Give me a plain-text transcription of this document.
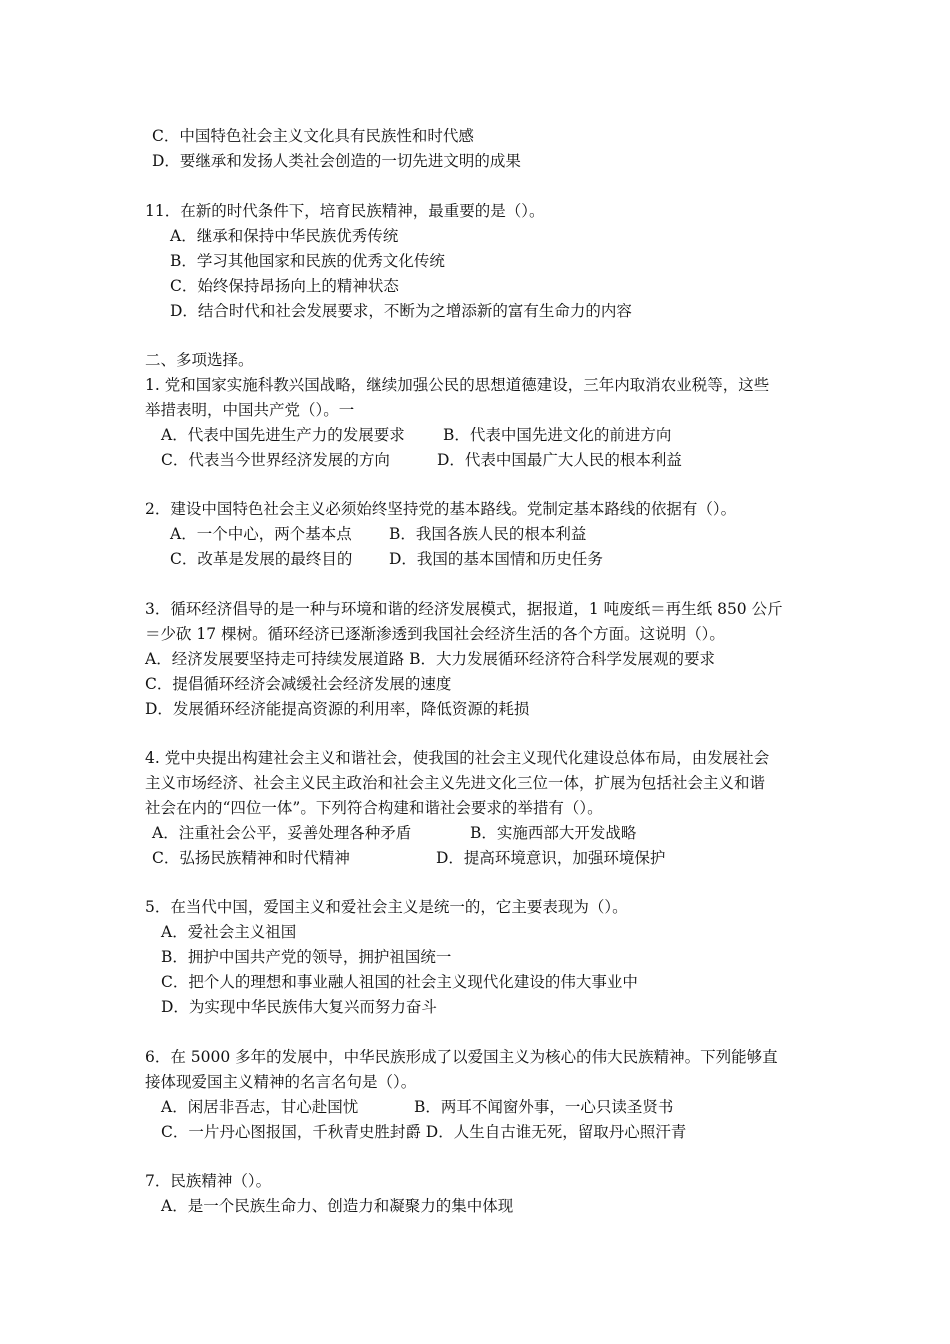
C．中国特色社会主义文化具有民族性和时代感
D．要继承和发扬人类社会创造的一切先进文明的成果
11．在新的时代条件下，培育民族精神，最重要的是（）。
A．继承和保持中华民族优秀传统
B．学习其他国家和民族的优秀文化传统
C．始终保持昂扬向上的精神状态
D．结合时代和社会发展要求，不断为之增添新的富有生命力的内容
二、多项选择。
1. 党和国家实施科教兴国战略，继续加强公民的思想道德建设，三年内取消农业税等，这些
举措表明，中国共产党（）。一
A．代表中国先进生产力的发展要求 B．代表中国先进文化的前进方向
C．代表当今世界经济发展的方向	D．代表中国最广大人民的根本利益
2．建设中国特色社会主义必须始终坚持党的基本路线。党制定基本路线的依据有（）。
A．一个中心，两个基本点 B．我国各族人民的根本利益
C．改革是发展的最终目的 D．我国的基本国情和历史任务
3．循环经济倡导的是一种与环境和谐的经济发展模式，据报道，1 吨废纸＝再生纸 850 公斤
＝少砍 17 棵树。循环经济已逐渐渗透到我国社会经济生活的各个方面。这说明（）。
A．经济发展要坚持走可持续发展道路 B．大力发展循环经济符合科学发展观的要求
C．提倡循环经济会减缓社会经济发展的速度
D．发展循环经济能提高资源的利用率，降低资源的耗损
4. 党中央提出构建社会主义和谐社会，使我国的社会主义现代化建设总体布局，由发展社会
主义市场经济、社会主义民主政治和社会主义先进文化三位一体，扩展为包括社会主义和谐
社会在内的“四位一体”。下列符合构建和谐社会要求的举措有（）。
A．注重社会公平，妥善处理各种矛盾	B．实施西部大开发战略
C．弘扬民族精神和时代精神	D．提高环境意识，加强环境保护
5．在当代中国，爱国主义和爱社会主义是统一的，它主要表现为（）。
A．爱社会主义祖国
B．拥护中国共产党的领导，拥护祖国统一
C．把个人的理想和事业融人祖国的社会主义现代化建设的伟大事业中
D．为实现中华民族伟大复兴而努力奋斗
6．在 5000 多年的发展中，中华民族形成了以爱国主义为核心的伟大民族精神。下列能够直
接体现爱国主义精神的名言名句是（）。
A．闲居非吾志，甘心赴国忧	B．两耳不闻窗外事，一心只读圣贤书
C．一片丹心图报国，千秋青史胜封爵 D．人生自古谁无死，留取丹心照汗青
7．民族精神（）。
A．是一个民族生命力、创造力和凝聚力的集中体现
